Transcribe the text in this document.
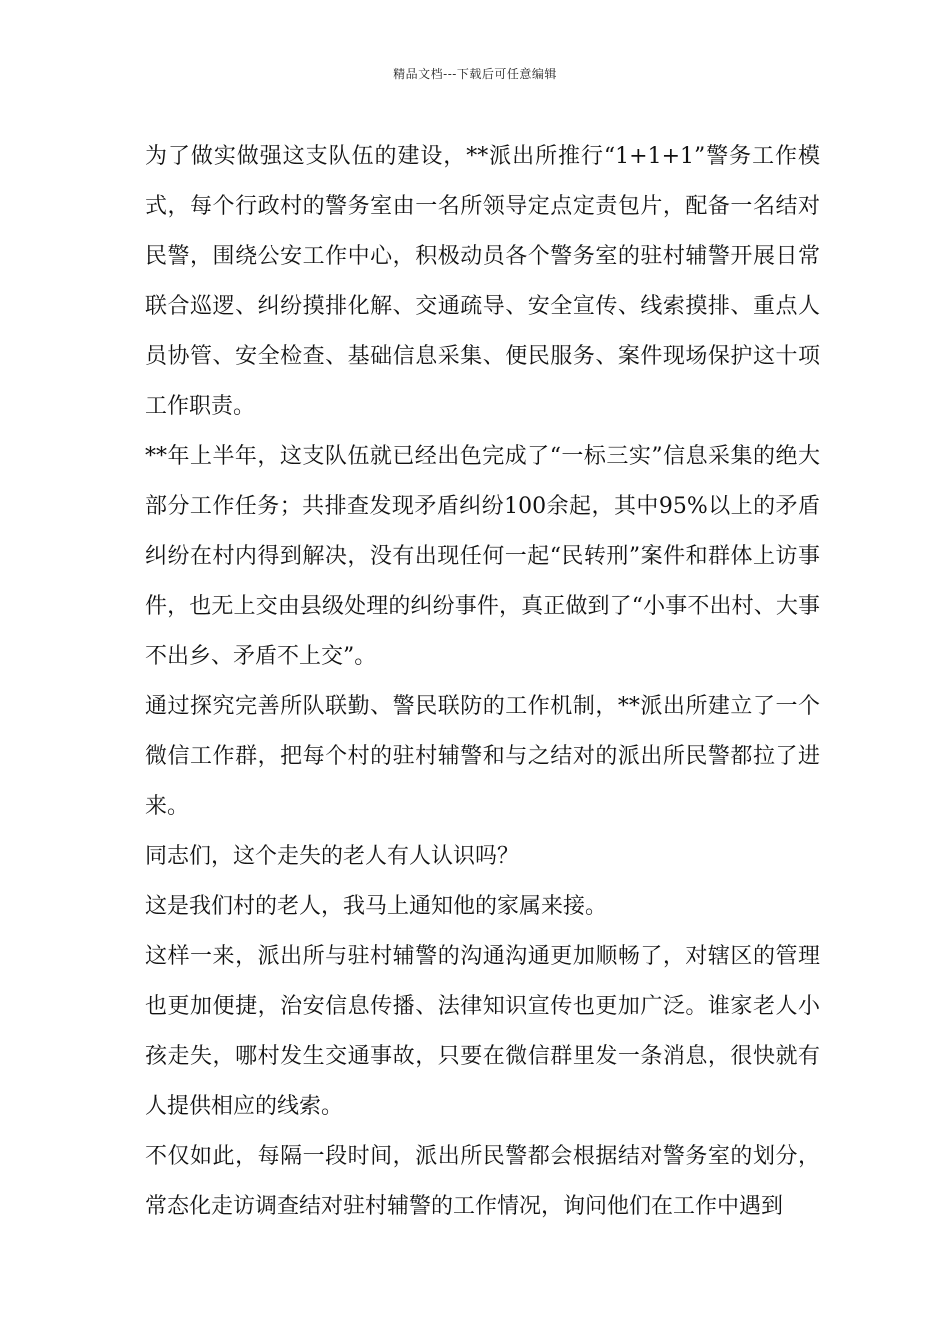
精品文档---下载后可任意编辑

为了做实做强这支队伍的建设，**派出所推行“1+1+1”警务工作模式，每个行政村的警务室由一名所领导定点定责包片，配备一名结对民警，围绕公安工作中心，积极动员各个警务室的驻村辅警开展日常联合巡逻、纠纷摸排化解、交通疏导、安全宣传、线索摸排、重点人员协管、安全检查、基础信息采集、便民服务、案件现场保护这十项工作职责。

**年上半年，这支队伍就已经出色完成了“一标三实”信息采集的绝大部分工作任务；共排查发现矛盾纠纷100余起，其中95%以上的矛盾纠纷在村内得到解决，没有出现任何一起“民转刑”案件和群体上访事件，也无上交由县级处理的纠纷事件，真正做到了“小事不出村、大事不出乡、矛盾不上交”。

通过探究完善所队联勤、警民联防的工作机制，**派出所建立了一个微信工作群，把每个村的驻村辅警和与之结对的派出所民警都拉了进来。

同志们，这个走失的老人有人认识吗？

这是我们村的老人，我马上通知他的家属来接。

这样一来，派出所与驻村辅警的沟通沟通更加顺畅了，对辖区的管理也更加便捷，治安信息传播、法律知识宣传也更加广泛。谁家老人小孩走失，哪村发生交通事故，只要在微信群里发一条消息，很快就有人提供相应的线索。

不仅如此，每隔一段时间，派出所民警都会根据结对警务室的划分，常态化走访调查结对驻村辅警的工作情况，询问他们在工作中遇到
